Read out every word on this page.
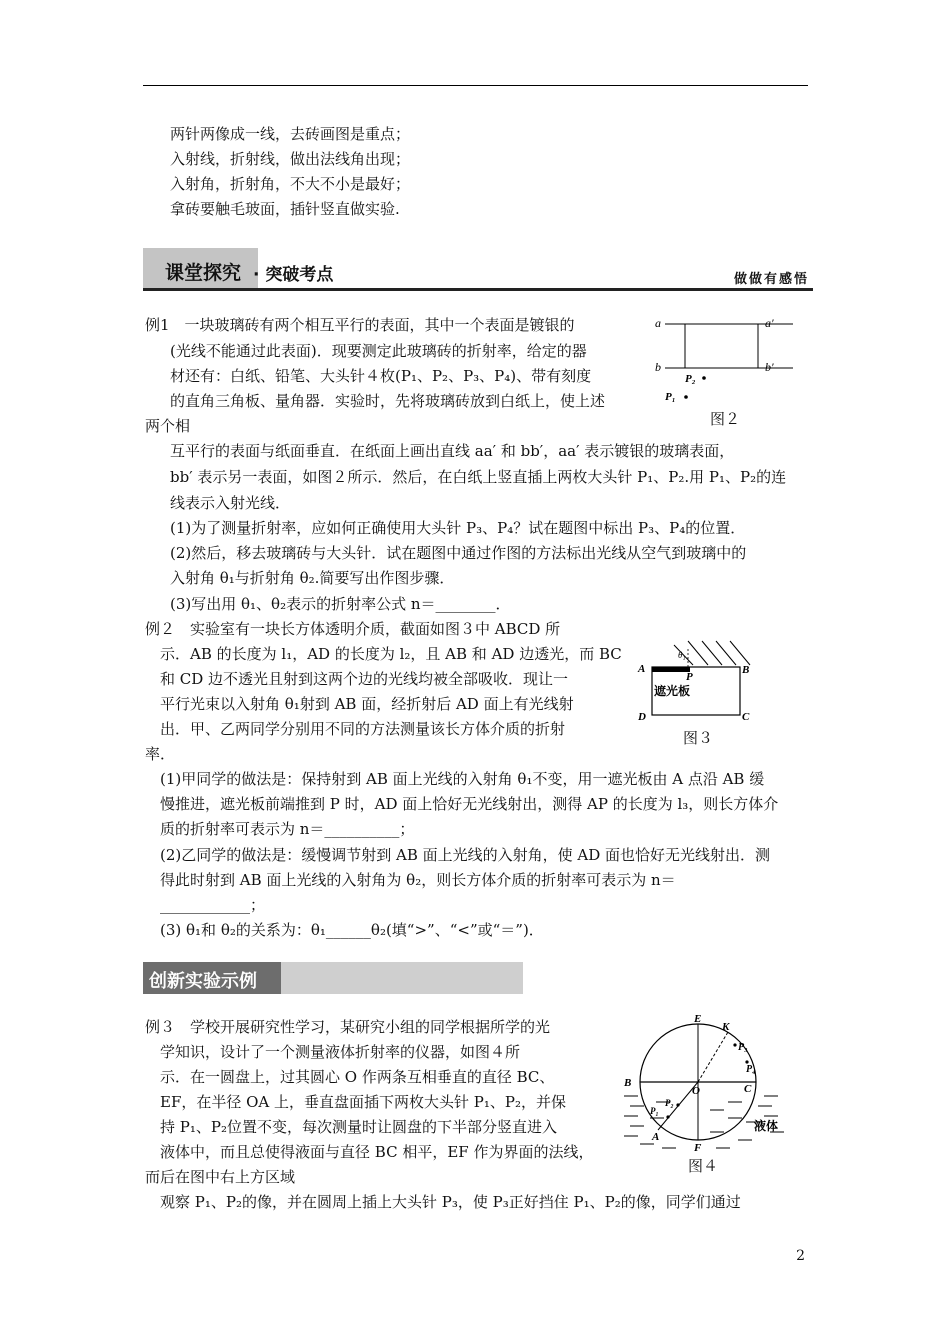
两针两像成一线，去砖画图是重点；
入射线，折射线，做出法线角出现；
入射角，折射角，不大不小是最好；
拿砖要触毛玻面，插针竖直做实验.
课堂探究 · 突破考点	做做有感悟
例1　一块玻璃砖有两个相互平行的表面，其中一个表面是镀银的
(光线不能通过此表面)．现要测定此玻璃砖的折射率，给定的器
材还有：白纸、铅笔、大头针４枚(P₁、P₂、P₃、P₄)、带有刻度
的直角三角板、量角器．实验时，先将玻璃砖放到白纸上，使上述
两个相
互平行的表面与纸面垂直．在纸面上画出直线 aa′ 和 bb′，aa′ 表示镀银的玻璃表面，
bb′ 表示另一表面，如图２所示．然后，在白纸上竖直插上两枚大头针 P₁、P₂.用 P₁、P₂的连
线表示入射光线．
(1)为了测量折射率，应如何正确使用大头针 P₃、P₄？试在题图中标出 P₃、P₄的位置．
(2)然后，移去玻璃砖与大头针．试在题图中通过作图的方法标出光线从空气到玻璃中的
入射角 θ₁与折射角 θ₂.简要写出作图步骤．
(3)写出用 θ₁、θ₂表示的折射率公式 n＝________．
a	a′
b	b′
P₂
P₁
图２
例２　实验室有一块长方体透明介质，截面如图３中 ABCD 所
示．AB 的长度为 l₁，AD 的长度为 l₂，且 AB 和 AD 边透光，而 BC
和 CD 边不透光且射到这两个边的光线均被全部吸收．现让一
平行光束以入射角 θ₁射到 AB 面，经折射后 AD 面上有光线射
出．甲、乙两同学分别用不同的方法测量该长方体介质的折射
率．
(1)甲同学的做法是：保持射到 AB 面上光线的入射角 θ₁不变，用一遮光板由 A 点沿 AB 缓
慢推进，遮光板前端推到 P 时，AD 面上恰好无光线射出，测得 AP 的长度为 l₃，则长方体介
质的折射率可表示为 n＝__________；
(2)乙同学的做法是：缓慢调节射到 AB 面上光线的入射角，使 AD 面也恰好无光线射出．测
得此时射到 AB 面上光线的入射角为 θ₂，则长方体介质的折射率可表示为 n＝
____________；
(3) θ₁和 θ₂的关系为：θ₁______θ₂(填“>”、“<”或“＝”)．
θ₁
P
遮光板
A	B
C
D
图３
创新实验示例
例３　学校开展研究性学习，某研究小组的同学根据所学的光
学知识，设计了一个测量液体折射率的仪器，如图４所
示．在一圆盘上，过其圆心 O 作两条互相垂直的直径 BC、
EF，在半径 OA 上，垂直盘面插下两枚大头针 P₁、P₂，并保
持 P₁、P₂位置不变，每次测量时让圆盘的下半部分竖直进入
液体中，而且总使得液面与直径 BC 相平，EF 作为界面的法线，
而后在图中右上方区域
观察 P₁、P₂的像，并在圆周上插上大头针 P₃，使 P₃正好挡住 P₁、P₂的像，同学们通过
E
K
P₃
P₄
B
O	C
P₂
P₁
A
F
液体
图４
2
